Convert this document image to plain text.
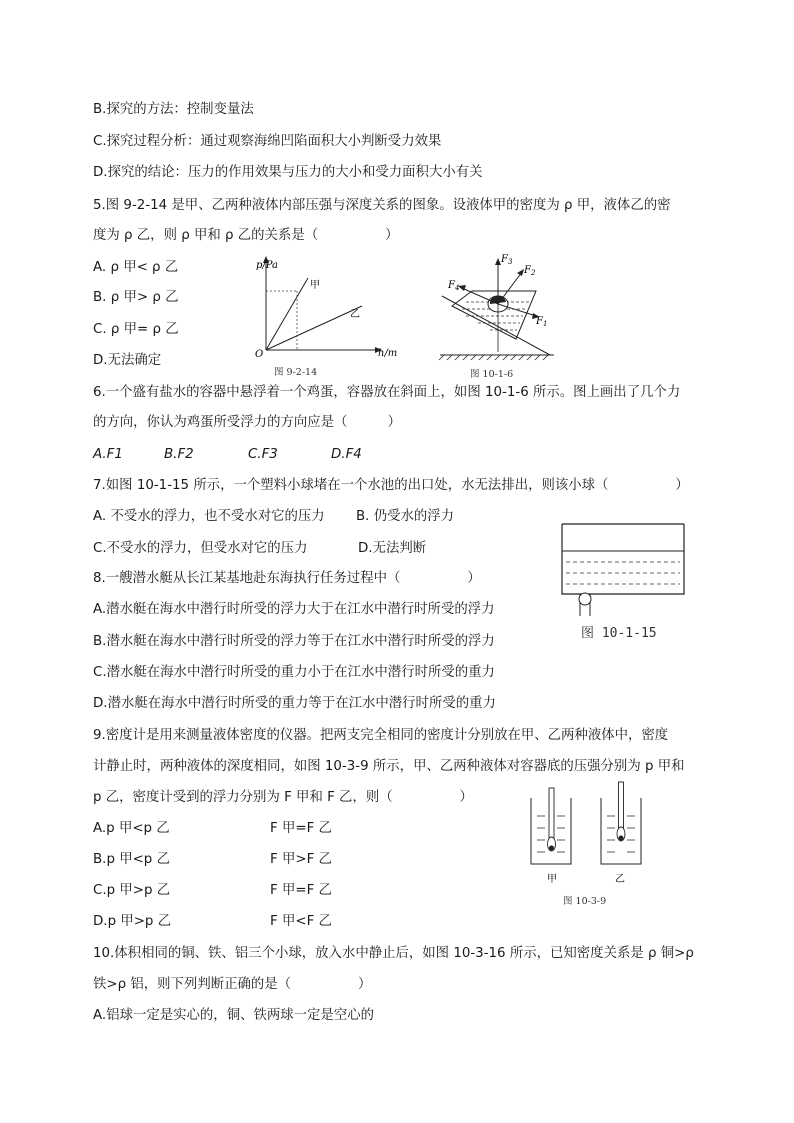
B.探究的方法：控制变量法
C.探究过程分析：通过观察海绵凹陷面积大小判断受力效果
D.探究的结论：压力的作用效果与压力的大小和受力面积大小有关
5.图 9-2-14 是甲、乙两种液体内部压强与深度关系的图象。设液体甲的密度为 ρ 甲，液体乙的密
度为 ρ 乙，则 ρ 甲和 ρ 乙的关系是（　　　　　）
A. ρ 甲< ρ 乙
B. ρ 甲> ρ 乙
C. ρ 甲= ρ 乙
D.无法确定
6.一个盛有盐水的容器中悬浮着一个鸡蛋，容器放在斜面上，如图 10-1-6 所示。图上画出了几个力
的方向，你认为鸡蛋所受浮力的方向应是（　　　）
A.F1	B.F2	C.F3	D.F4
7.如图 10-1-15 所示，一个塑料小球堵在一个水池的出口处，水无法排出，则该小球（　　　　　）
A. 不受水的浮力，也不受水对它的压力 B. 仍受水的浮力
C.不受水的浮力，但受水对它的压力	D.无法判断
8.一艘潜水艇从长江某基地赴东海执行任务过程中（　　　　　）
A.潜水艇在海水中潜行时所受的浮力大于在江水中潜行时所受的浮力
B.潜水艇在海水中潜行时所受的浮力等于在江水中潜行时所受的浮力
C.潜水艇在海水中潜行时所受的重力小于在江水中潜行时所受的重力
D.潜水艇在海水中潜行时所受的重力等于在江水中潜行时所受的重力
9.密度计是用来测量液体密度的仪器。把两支完全相同的密度计分别放在甲、乙两种液体中，密度
计静止时，两种液体的深度相同，如图 10-3-9 所示，甲、乙两种液体对容器底的压强分别为 p 甲和
p 乙，密度计受到的浮力分别为 F 甲和 F 乙，则（　　　　　）
A.p 甲<p 乙	F 甲=F 乙
B.p 甲<p 乙	F 甲>F 乙
C.p 甲>p 乙	F 甲=F 乙
D.p 甲>p 乙	F 甲<F 乙
10.体积相同的铜、铁、铝三个小球，放入水中静止后，如图 10-3-16 所示，已知密度关系是 ρ 铜>ρ
铁>ρ 铝，则下列判断正确的是（　　　　　）
A.铝球一定是实心的，铜、铁两球一定是空心的
p/Pa
h/m
O
甲
乙
图 9-2-14
$F_3$
$F_2$
$F_1$
$F_4$
图 10-1-6
图 10-1-15
甲	乙
图 10-3-9
